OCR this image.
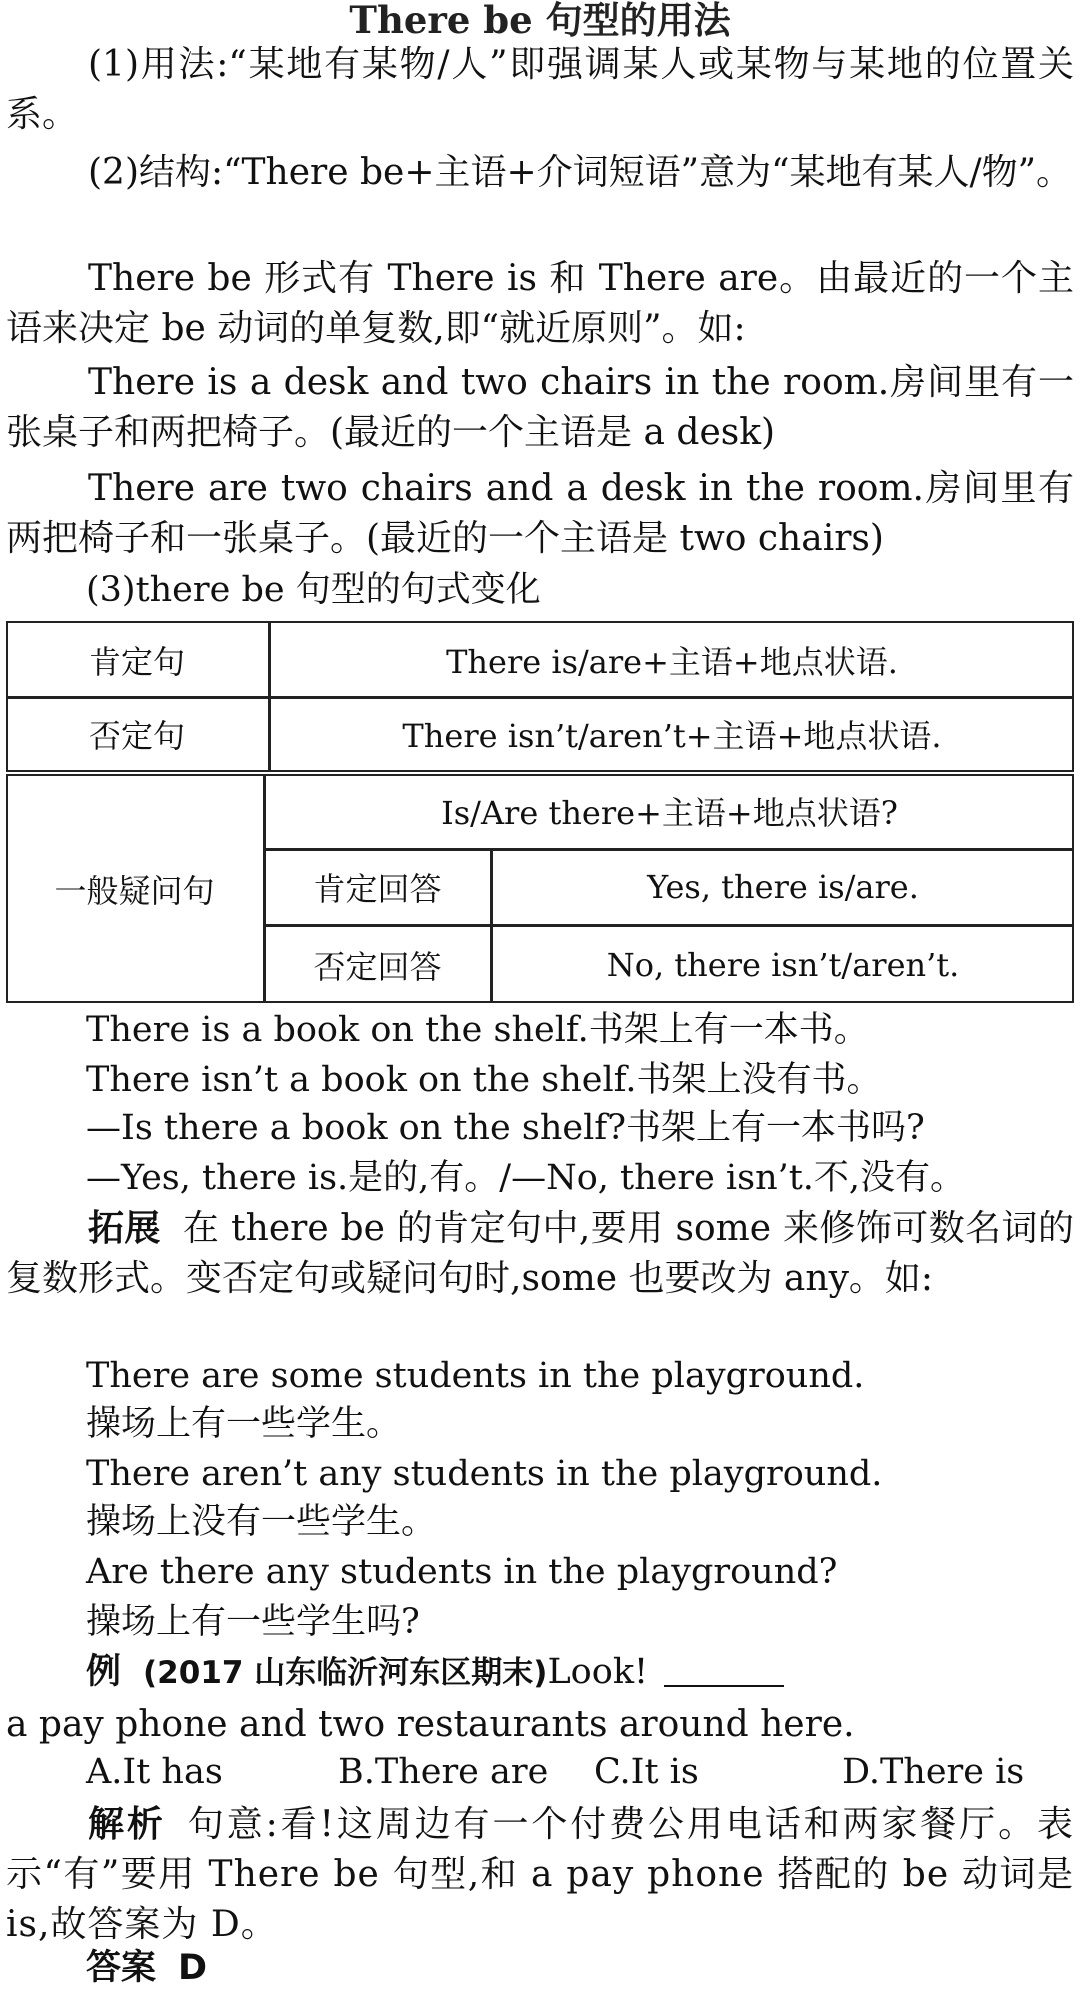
There be 句型的用法

(1)用法:“某地有某物/人”即强调某人或某物与某地的位置关系。

(2)结构:“There be+主语+介词短语”意为“某地有某人/物”。

There be 形式有 There is 和 There are。由最近的一个主语来决定 be 动词的单复数,即“就近原则”。如:

There is a desk and two chairs in the room.房间里有一张桌子和两把椅子。(最近的一个主语是 a desk)

There are two chairs and a desk in the room.房间里有两把椅子和一张桌子。(最近的一个主语是 two chairs)

(3)there be 句型的句式变化
肯定句	There is/are+主语+地点状语.
否定句	There isn’t/aren’t+主语+地点状语.
一般疑问句
Is/Are there+主语+地点状语?
肯定回答	Yes, there is/are.
否定回答	No, there isn’t/aren’t.
There is a book on the shelf.书架上有一本书。
There isn’t a book on the shelf.书架上没有书。
—Is there a book on the shelf?书架上有一本书吗?
—Yes, there is.是的,有。/—No, there isn’t.不,没有。

拓展 在 there be 的肯定句中,要用 some 来修饰可数名词的复数形式。变否定句或疑问句时,some 也要改为 any。如:

There are some students in the playground.
操场上有一些学生。
There aren’t any students in the playground.
操场上没有一些学生。
Are there any students in the playground?
操场上有一些学生吗?
例 (2017 山东临沂河东区期末)Look!
a pay phone and two restaurants around here.
A.It has	B.There are C.It is	D.There is

解析 句意:看!这周边有一个付费公用电话和两家餐厅。表示“有”要用 There be 句型,和 a pay phone 搭配的 be 动词是 is,故答案为 D。

答案 D
